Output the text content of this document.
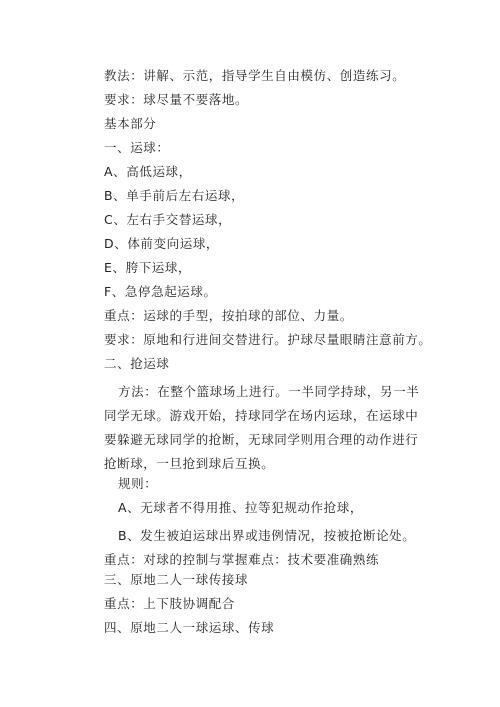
教法：讲解、示范，指导学生自由模仿、创造练习。
要求：球尽量不要落地。
基本部分
一、运球：
A、高低运球，
B、单手前后左右运球，
C、左右手交替运球，
D、体前变向运球，
E、胯下运球，
F、急停急起运球。
重点：运球的手型，按拍球的部位、力量。
要求：原地和行进间交替进行。护球尽量眼睛注意前方。
二、抢运球
方法：在整个篮球场上进行。一半同学持球，另一半同学无球。游戏开始，持球同学在场内运球，在运球中要躲避无球同学的抢断，无球同学则用合理的动作进行抢断球，一旦抢到球后互换。
规则：
A、无球者不得用推、拉等犯规动作抢球，
B、发生被迫运球出界或违例情况，按被抢断论处。重点：对球的控制与掌握难点：技术要准确熟练
三、原地二人一球传接球
重点：上下肢协调配合
四、原地二人一球运球、传球
